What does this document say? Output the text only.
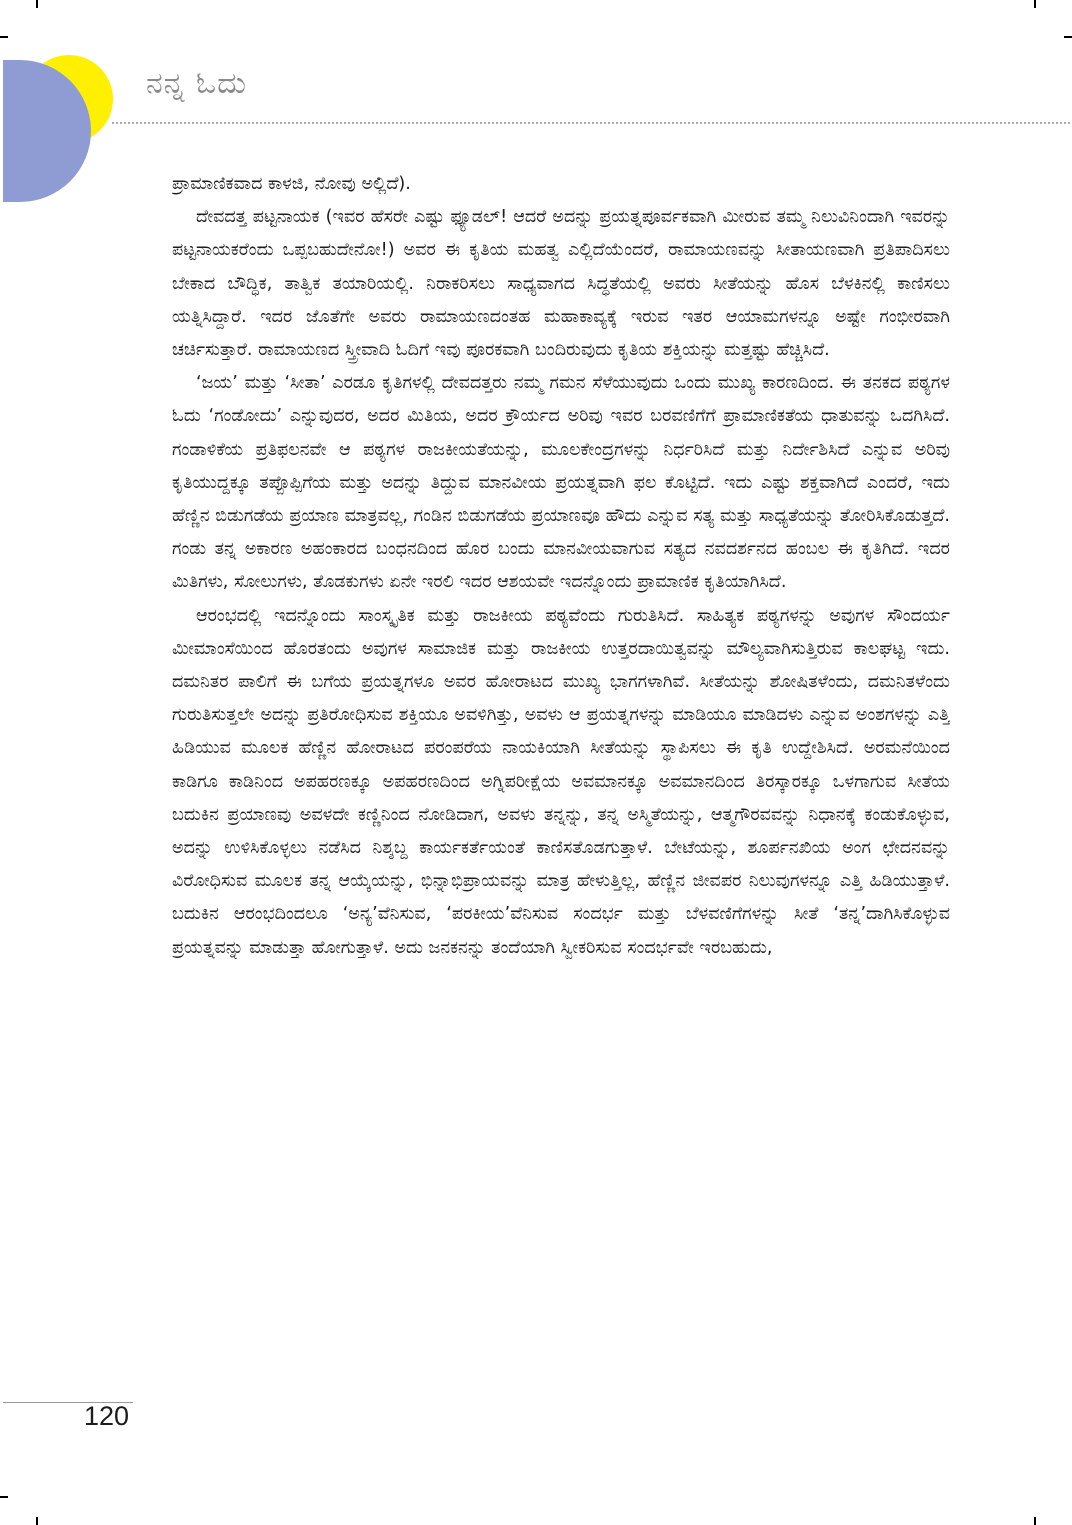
ನನ್ನ ಓದು

ಪ್ರಾಮಾಣಿಕವಾದ ಕಾಳಜಿ, ನೋವು ಅಲ್ಲಿದೆ).

ದೇವದತ್ತ ಪಟ್ಟನಾಯಕ (ಇವರ ಹೆಸರೇ ಎಷ್ಟು ಫ್ಯೂಡಲ್! ಆದರೆ ಅದನ್ನು ಪ್ರಯತ್ನಪೂರ್ವಕವಾಗಿ ಮೀರುವ ತಮ್ಮ ನಿಲುವಿನಿಂದಾಗಿ ಇವರನ್ನು ಪಟ್ಟನಾಯಕರೆಂದು ಒಪ್ಪಬಹುದೇನೋ!) ಅವರ ಈ ಕೃತಿಯ ಮಹತ್ವ ಎಲ್ಲಿದೆಯೆಂದರೆ, ರಾಮಾಯಣವನ್ನು ಸೀತಾಯಣವಾಗಿ ಪ್ರತಿಪಾದಿಸಲು ಬೇಕಾದ ಬೌದ್ಧಿಕ, ತಾತ್ವಿಕ ತಯಾರಿಯಲ್ಲಿ. ನಿರಾಕರಿಸಲು ಸಾಧ್ಯವಾಗದ ಸಿದ್ಧತೆಯಲ್ಲಿ ಅವರು ಸೀತೆಯನ್ನು ಹೊಸ ಬೆಳಕಿನಲ್ಲಿ ಕಾಣಿಸಲು ಯತ್ನಿಸಿದ್ದಾರೆ. ಇದರ ಜೊತೆಗೇ ಅವರು ರಾಮಾಯಣದಂತಹ ಮಹಾಕಾವ್ಯಕ್ಕೆ ಇರುವ ಇತರ ಆಯಾಮಗಳನ್ನೂ ಅಷ್ಟೇ ಗಂಭೀರವಾಗಿ ಚರ್ಚಿಸುತ್ತಾರೆ. ರಾಮಾಯಣದ ಸ್ತ್ರೀವಾದಿ ಓದಿಗೆ ಇವು ಪೂರಕವಾಗಿ ಬಂದಿರುವುದು ಕೃತಿಯ ಶಕ್ತಿಯನ್ನು ಮತ್ತಷ್ಟು ಹೆಚ್ಚಿಸಿದೆ.

‘ಜಯ’ ಮತ್ತು ‘ಸೀತಾ’ ಎರಡೂ ಕೃತಿಗಳಲ್ಲಿ ದೇವದತ್ತರು ನಮ್ಮ ಗಮನ ಸೆಳೆಯುವುದು ಒಂದು ಮುಖ್ಯ ಕಾರಣದಿಂದ. ಈ ತನಕದ ಪಠ್ಯಗಳ ಓದು ‘ಗಂಡೋದು’ ಎನ್ನುವುದರ, ಅದರ ಮಿತಿಯ, ಅದರ ಕ್ರೌರ್ಯದ ಅರಿವು ಇವರ ಬರವಣಿಗೆಗೆ ಪ್ರಾಮಾಣಿಕತೆಯ ಧಾತುವನ್ನು ಒದಗಿಸಿದೆ. ಗಂಡಾಳಿಕೆಯ ಪ್ರತಿಫಲನವೇ ಆ ಪಠ್ಯಗಳ ರಾಜಕೀಯತೆಯನ್ನು, ಮೂಲಕೇಂದ್ರಗಳನ್ನು ನಿರ್ಧರಿಸಿದೆ ಮತ್ತು ನಿರ್ದೇಶಿಸಿದೆ ಎನ್ನುವ ಅರಿವು ಕೃತಿಯುದ್ದಕ್ಕೂ ತಪ್ಪೊಪ್ಪಿಗೆಯ ಮತ್ತು ಅದನ್ನು ತಿದ್ದುವ ಮಾನವೀಯ ಪ್ರಯತ್ನವಾಗಿ ಫಲ ಕೊಟ್ಟಿದೆ. ಇದು ಎಷ್ಟು ಶಕ್ತವಾಗಿದೆ ಎಂದರೆ, ಇದು ಹೆಣ್ಣಿನ ಬಿಡುಗಡೆಯ ಪ್ರಯಾಣ ಮಾತ್ರವಲ್ಲ, ಗಂಡಿನ ಬಿಡುಗಡೆಯ ಪ್ರಯಾಣವೂ ಹೌದು ಎನ್ನುವ ಸತ್ಯ ಮತ್ತು ಸಾಧ್ಯತೆಯನ್ನು ತೋರಿಸಿಕೊಡುತ್ತದೆ. ಗಂಡು ತನ್ನ ಅಕಾರಣ ಅಹಂಕಾರದ ಬಂಧನದಿಂದ ಹೊರ ಬಂದು ಮಾನವೀಯವಾಗುವ ಸತ್ಯದ ನವದರ್ಶನದ ಹಂಬಲ ಈ ಕೃತಿಗಿದೆ. ಇದರ ಮಿತಿಗಳು, ಸೋಲುಗಳು, ತೊಡಕುಗಳು ಏನೇ ಇರಲಿ ಇದರ ಆಶಯವೇ ಇದನ್ನೊಂದು ಪ್ರಾಮಾಣಿಕ ಕೃತಿಯಾಗಿಸಿದೆ.

ಆರಂಭದಲ್ಲಿ ಇದನ್ನೊಂದು ಸಾಂಸ್ಕೃತಿಕ ಮತ್ತು ರಾಜಕೀಯ ಪಠ್ಯವೆಂದು ಗುರುತಿಸಿದೆ. ಸಾಹಿತ್ಯಕ ಪಠ್ಯಗಳನ್ನು ಅವುಗಳ ಸೌಂದರ್ಯ ಮೀಮಾಂಸೆಯಿಂದ ಹೊರತಂದು ಅವುಗಳ ಸಾಮಾಜಿಕ ಮತ್ತು ರಾಜಕೀಯ ಉತ್ತರದಾಯಿತ್ವವನ್ನು ಮೌಲ್ಯವಾಗಿಸುತ್ತಿರುವ ಕಾಲಘಟ್ಟ ಇದು. ದಮನಿತರ ಪಾಲಿಗೆ ಈ ಬಗೆಯ ಪ್ರಯತ್ನಗಳೂ ಅವರ ಹೋರಾಟದ ಮುಖ್ಯ ಭಾಗಗಳಾಗಿವೆ. ಸೀತೆಯನ್ನು ಶೋಷಿತಳೆಂದು, ದಮನಿತಳೆಂದು ಗುರುತಿಸುತ್ತಲೇ ಅದನ್ನು ಪ್ರತಿರೋಧಿಸುವ ಶಕ್ತಿಯೂ ಅವಳಿಗಿತ್ತು, ಅವಳು ಆ ಪ್ರಯತ್ನಗಳನ್ನು ಮಾಡಿಯೂ ಮಾಡಿದಳು ಎನ್ನುವ ಅಂಶಗಳನ್ನು ಎತ್ತಿ ಹಿಡಿಯುವ ಮೂಲಕ ಹೆಣ್ಣಿನ ಹೋರಾಟದ ಪರಂಪರೆಯ ನಾಯಕಿಯಾಗಿ ಸೀತೆಯನ್ನು ಸ್ಥಾಪಿಸಲು ಈ ಕೃತಿ ಉದ್ದೇಶಿಸಿದೆ. ಅರಮನೆಯಿಂದ ಕಾಡಿಗೂ ಕಾಡಿನಿಂದ ಅಪಹರಣಕ್ಕೂ ಅಪಹರಣದಿಂದ ಅಗ್ನಿಪರೀಕ್ಷೆಯ ಅವಮಾನಕ್ಕೂ ಅವಮಾನದಿಂದ ತಿರಸ್ಕಾರಕ್ಕೂ ಒಳಗಾಗುವ ಸೀತೆಯ ಬದುಕಿನ ಪ್ರಯಾಣವು ಅವಳದೇ ಕಣ್ಣಿನಿಂದ ನೋಡಿದಾಗ, ಅವಳು ತನ್ನನ್ನು, ತನ್ನ ಅಸ್ಮಿತೆಯನ್ನು, ಆತ್ಮಗೌರವವನ್ನು ನಿಧಾನಕ್ಕೆ ಕಂಡುಕೊಳ್ಳುವ, ಅದನ್ನು ಉಳಿಸಿಕೊಳ್ಳಲು ನಡೆಸಿದ ನಿಶ್ಶಬ್ದ ಕಾರ್ಯಕರ್ತೆಯಂತೆ ಕಾಣಿಸತೊಡಗುತ್ತಾಳೆ. ಬೇಟೆಯನ್ನು, ಶೂರ್ಪನಖಿಯ ಅಂಗ ಛೇದನವನ್ನು ವಿರೋಧಿಸುವ ಮೂಲಕ ತನ್ನ ಆಯ್ಕೆಯನ್ನು, ಭಿನ್ನಾಭಿಪ್ರಾಯವನ್ನು ಮಾತ್ರ ಹೇಳುತ್ತಿಲ್ಲ, ಹೆಣ್ಣಿನ ಜೀವಪರ ನಿಲುವುಗಳನ್ನೂ ಎತ್ತಿ ಹಿಡಿಯುತ್ತಾಳೆ. ಬದುಕಿನ ಆರಂಭದಿಂದಲೂ ‘ಅನ್ಯ’ವೆನಿಸುವ, ‘ಪರಕೀಯ’ವೆನಿಸುವ ಸಂದರ್ಭ ಮತ್ತು ಬೆಳವಣಿಗೆಗಳನ್ನು ಸೀತೆ ‘ತನ್ನ’ದಾಗಿಸಿಕೊಳ್ಳುವ ಪ್ರಯತ್ನವನ್ನು ಮಾಡುತ್ತಾ ಹೋಗುತ್ತಾಳೆ. ಅದು ಜನಕನನ್ನು ತಂದೆಯಾಗಿ ಸ್ವೀಕರಿಸುವ ಸಂದರ್ಭವೇ ಇರಬಹುದು,

120
